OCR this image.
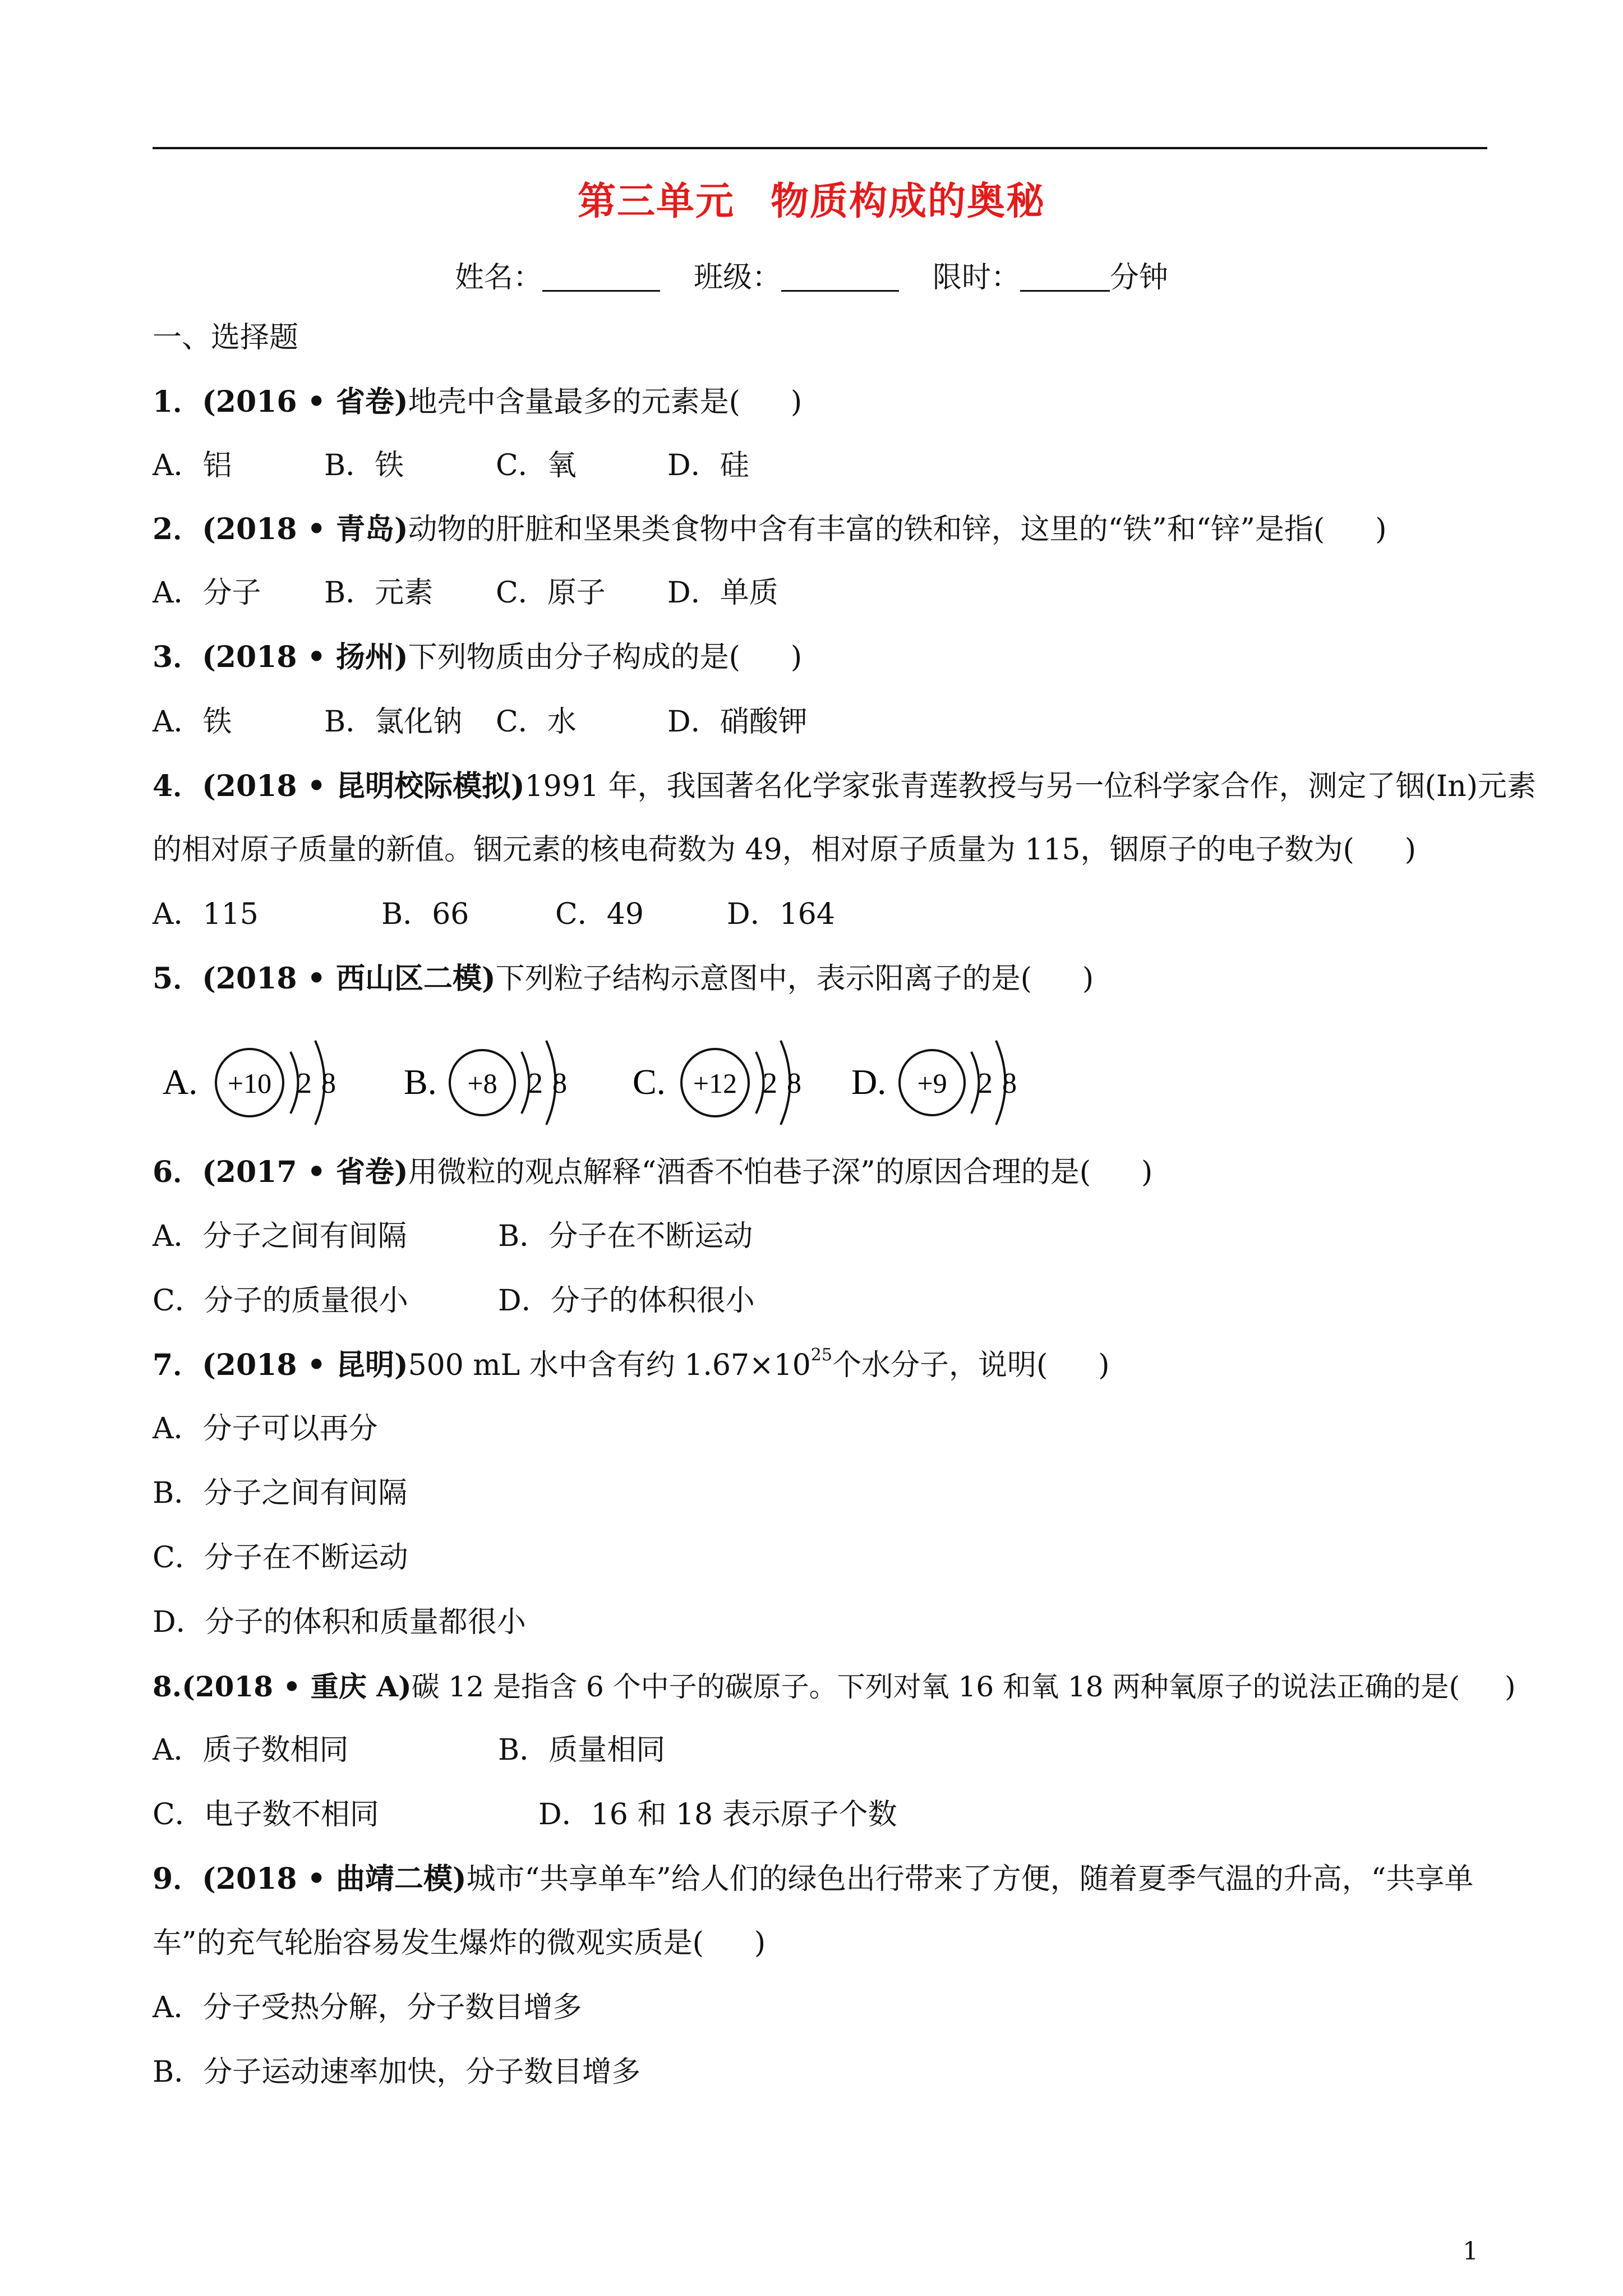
第三单元 物质构成的奥秘
姓名：	班级：	限时：	分钟
一、选择题
1．(2016 • 省卷)地壳中含量最多的元素是( )
A．铝	B．铁	C．氧	D．硅
2．(2018 • 青岛)动物的肝脏和坚果类食物中含有丰富的铁和锌，这里的“铁”和“锌”是指( )
A．分子 B．元素 C．原子 D．单质
3．(2018 • 扬州)下列物质由分子构成的是( )
A．铁	B．氯化钠 C．水	D．硝酸钾
4．(2018 • 昆明校际模拟)1991 年，我国著名化学家张青莲教授与另一位科学家合作，测定了铟(In)元素
的相对原子质量的新值。铟元素的核电荷数为 49，相对原子质量为 115，铟原子的电子数为( )
A．115	B．66	C．49	D．164
5．(2018 • 西山区二模)下列粒子结构示意图中，表示阳离子的是( )
A. +10 2 8 B. +8 2 8 C. +12 2 8 D. +9 2 8
6．(2017 • 省卷)用微粒的观点解释“酒香不怕巷子深”的原因合理的是( )
A．分子之间有间隔	B．分子在不断运动
C．分子的质量很小	D．分子的体积很小
7．(2018 • 昆明)500 mL 水中含有约 $1.67\times 10^{25}$个水分子，说明( )
A．分子可以再分
B．分子之间有间隔
C．分子在不断运动
D．分子的体积和质量都很小
8.(2018 • 重庆 A)碳 12 是指含 6 个中子的碳原子。下列对氧 16 和氧 18 两种氧原子的说法正确的是( )
A．质子数相同	B．质量相同
C．电子数不相同	D．16 和 18 表示原子个数
9．(2018 • 曲靖二模)城市“共享单车”给人们的绿色出行带来了方便，随着夏季气温的升高，“共享单
车”的充气轮胎容易发生爆炸的微观实质是( )
A．分子受热分解，分子数目增多
B．分子运动速率加快，分子数目增多
1
